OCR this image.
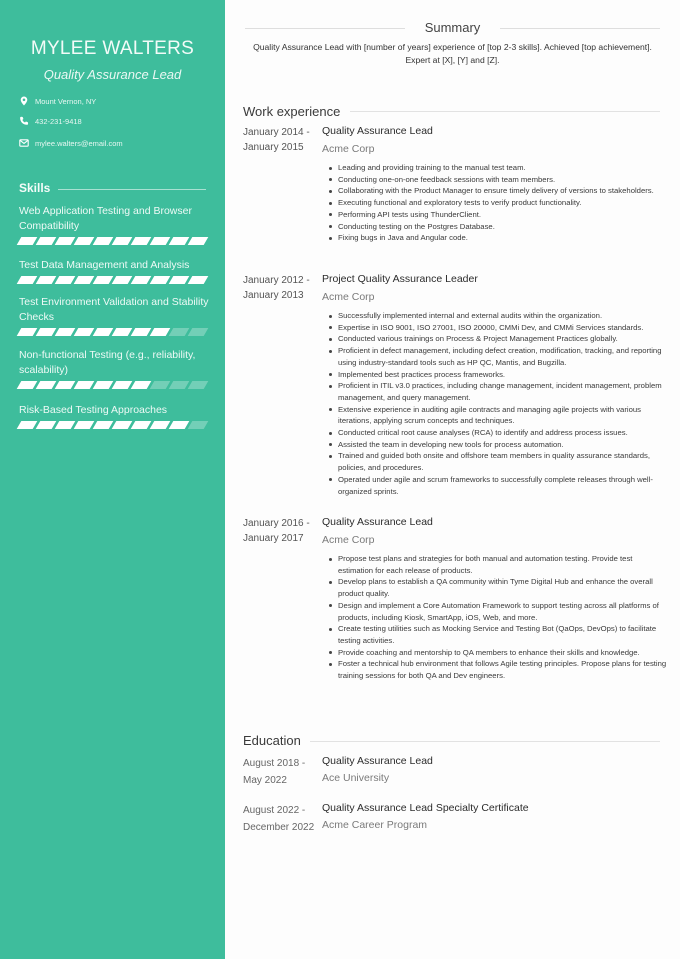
MYLEE WALTERS
Quality Assurance Lead
Mount Vernon, NY
432-231-9418
mylee.walters@email.com
Skills
Web Application Testing and Browser Compatibility
Test Data Management and Analysis
Test Environment Validation and Stability Checks
Non-functional Testing (e.g., reliability, scalability)
Risk-Based Testing Approaches
Summary
Quality Assurance Lead with [number of years] experience of [top 2-3 skills]. Achieved [top achievement]. Expert at [X], [Y] and [Z].
Work experience
January 2014 -
January 2015
Quality Assurance Lead
Acme Corp
Leading and providing training to the manual test team.
Conducting one-on-one feedback sessions with team members.
Collaborating with the Product Manager to ensure timely delivery of versions to stakeholders.
Executing functional and exploratory tests to verify product functionality.
Performing API tests using ThunderClient.
Conducting testing on the Postgres Database.
Fixing bugs in Java and Angular code.
January 2012 -
January 2013
Project Quality Assurance Leader
Acme Corp
Successfully implemented internal and external audits within the organization.
Expertise in ISO 9001, ISO 27001, ISO 20000, CMMi Dev, and CMMi Services standards.
Conducted various trainings on Process & Project Management Practices globally.
Proficient in defect management, including defect creation, modification, tracking, and reporting using industry-standard tools such as HP QC, Mantis, and Bugzilla.
Implemented best practices process frameworks.
Proficient in ITIL v3.0 practices, including change management, incident management, problem management, and query management.
Extensive experience in auditing agile contracts and managing agile projects with various iterations, applying scrum concepts and techniques.
Conducted critical root cause analyses (RCA) to identify and address process issues.
Assisted the team in developing new tools for process automation.
Trained and guided both onsite and offshore team members in quality assurance standards, policies, and procedures.
Operated under agile and scrum frameworks to successfully complete releases through well-organized sprints.
January 2016 -
January 2017
Quality Assurance Lead
Acme Corp
Propose test plans and strategies for both manual and automation testing. Provide test estimation for each release of products.
Develop plans to establish a QA community within Tyme Digital Hub and enhance the overall product quality.
Design and implement a Core Automation Framework to support testing across all platforms of products, including Kiosk, SmartApp, iOS, Web, and more.
Create testing utilities such as Mocking Service and Testing Bot (QaOps, DevOps) to facilitate testing activities.
Provide coaching and mentorship to QA members to enhance their skills and knowledge.
Foster a technical hub environment that follows Agile testing principles. Propose plans for testing training sessions for both QA and Dev engineers.
Education
August 2018 -
May 2022
Quality Assurance Lead
Ace University
August 2022 -
December 2022
Quality Assurance Lead Specialty Certificate
Acme Career Program
